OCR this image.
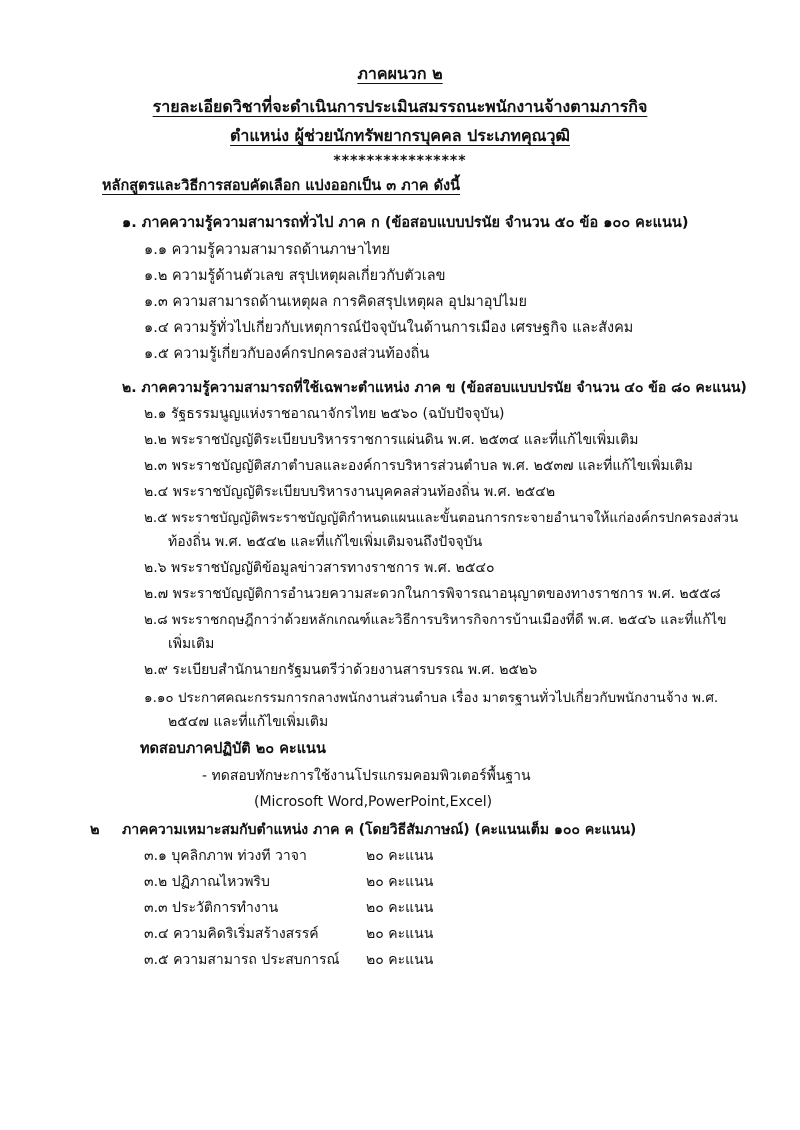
ภาคผนวก ๒
รายละเอียดวิชาที่จะดำเนินการประเมินสมรรถนะพนักงานจ้างตามภารกิจ
ตำแหน่ง ผู้ช่วยนักทรัพยากรบุคคล ประเภทคุณวุฒิ
****************
หลักสูตรและวิธีการสอบคัดเลือก แบ่งออกเป็น ๓ ภาค ดังนี้
๑. ภาคความรู้ความสามารถทั่วไป ภาค ก (ข้อสอบแบบปรนัย จำนวน ๕๐ ข้อ ๑๐๐ คะแนน)
๑.๑ ความรู้ความสามารถด้านภาษาไทย
๑.๒ ความรู้ด้านตัวเลข สรุปเหตุผลเกี่ยวกับตัวเลข
๑.๓ ความสามารถด้านเหตุผล การคิดสรุปเหตุผล อุปมาอุปไมย
๑.๔ ความรู้ทั่วไปเกี่ยวกับเหตุการณ์ปัจจุบันในด้านการเมือง เศรษฐกิจ และสังคม
๑.๕ ความรู้เกี่ยวกับองค์กรปกครองส่วนท้องถิ่น
๒. ภาคความรู้ความสามารถที่ใช้เฉพาะตำแหน่ง ภาค ข (ข้อสอบแบบปรนัย จำนวน ๔๐ ข้อ ๘๐ คะแนน)
๒.๑ รัฐธรรมนูญแห่งราชอาณาจักรไทย ๒๕๖๐ (ฉบับปัจจุบัน)
๒.๒ พระราชบัญญัติระเบียบบริหารราชการแผ่นดิน พ.ศ. ๒๕๓๔ และที่แก้ไขเพิ่มเติม
๒.๓ พระราชบัญญัติสภาตำบลและองค์การบริหารส่วนตำบล พ.ศ. ๒๕๓๗ และที่แก้ไขเพิ่มเติม
๒.๔ พระราชบัญญัติระเบียบบริหารงานบุคคลส่วนท้องถิ่น พ.ศ. ๒๕๔๒
๒.๕ พระราชบัญญัติพระราชบัญญัติกำหนดแผนและขั้นตอนการกระจายอำนาจให้แก่องค์กรปกครองส่วน
ท้องถิ่น พ.ศ. ๒๕๔๒ และที่แก้ไขเพิ่มเติมจนถึงปัจจุบัน
๒.๖ พระราชบัญญัติข้อมูลข่าวสารทางราชการ พ.ศ. ๒๕๔๐
๒.๗ พระราชบัญญัติการอำนวยความสะดวกในการพิจารณาอนุญาตของทางราชการ พ.ศ. ๒๕๕๘
๒.๘ พระราชกฤษฎีกาว่าด้วยหลักเกณฑ์และวิธีการบริหารกิจการบ้านเมืองที่ดี พ.ศ. ๒๕๔๖ และที่แก้ไข
เพิ่มเติม
๒.๙ ระเบียบสำนักนายกรัฐมนตรีว่าด้วยงานสารบรรณ พ.ศ. ๒๕๒๖
๑.๑๐ ประกาศคณะกรรมการกลางพนักงานส่วนตำบล เรื่อง มาตรฐานทั่วไปเกี่ยวกับพนักงานจ้าง พ.ศ.
๒๕๔๗ และที่แก้ไขเพิ่มเติม
ทดสอบภาคปฏิบัติ ๒๐ คะแนน
- ทดสอบทักษะการใช้งานโปรแกรมคอมพิวเตอร์พื้นฐาน
(Microsoft Word,PowerPoint,Excel)
๒ ภาคความเหมาะสมกับตำแหน่ง ภาค ค (โดยวิธีสัมภาษณ์) (คะแนนเต็ม ๑๐๐ คะแนน)
๓.๑ บุคลิกภาพ ท่วงที วาจา	๒๐ คะแนน
๓.๒ ปฏิภาณไหวพริบ	๒๐ คะแนน
๓.๓ ประวัติการทำงาน	๒๐ คะแนน
๓.๔ ความคิดริเริ่มสร้างสรรค์	๒๐ คะแนน
๓.๕ ความสามารถ ประสบการณ์ ๒๐ คะแนน
